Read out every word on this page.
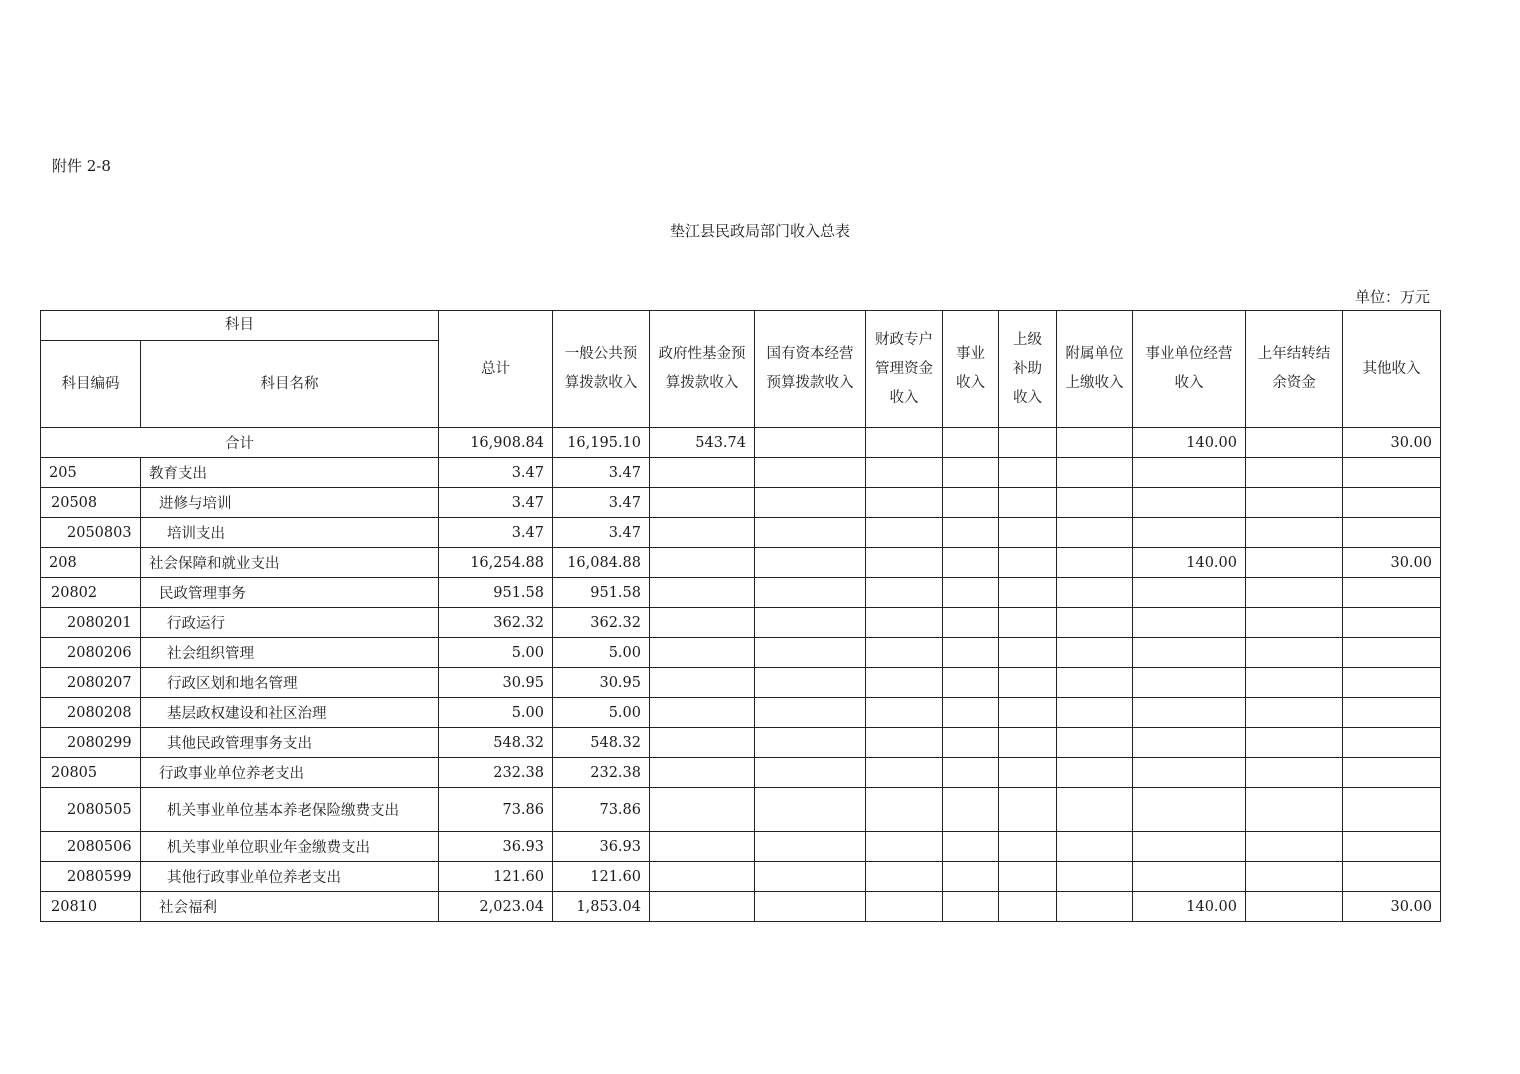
附件 2-8
垫江县民政局部门收入总表
单位：万元
科目		总计	一般公共预算拨款收入	政府性基金预算拨款收入	国有资本经营预算拨款收入	财政专户管理资金收入	事业收入	上级补助收入	附属单位上缴收入	事业单位经营收入	上年结转结余资金	其他收入
科目编码	科目名称											
合计		16,908.84	16,195.10	543.74						140.00		30.00
205	教育支出	3.47	3.47									
20508	进修与培训	3.47	3.47									
2050803	培训支出	3.47	3.47									
208	社会保障和就业支出	16,254.88	16,084.88							140.00		30.00
20802	民政管理事务	951.58	951.58									
2080201	行政运行	362.32	362.32									
2080206	社会组织管理	5.00	5.00									
2080207	行政区划和地名管理	30.95	30.95									
2080208	基层政权建设和社区治理	5.00	5.00									
2080299	其他民政管理事务支出	548.32	548.32									
20805	行政事业单位养老支出	232.38	232.38									
2080505	机关事业单位基本养老保险缴费支出	73.86	73.86									
2080506	机关事业单位职业年金缴费支出	36.93	36.93									
2080599	其他行政事业单位养老支出	121.60	121.60									
20810	社会福利	2,023.04	1,853.04							140.00		30.00
